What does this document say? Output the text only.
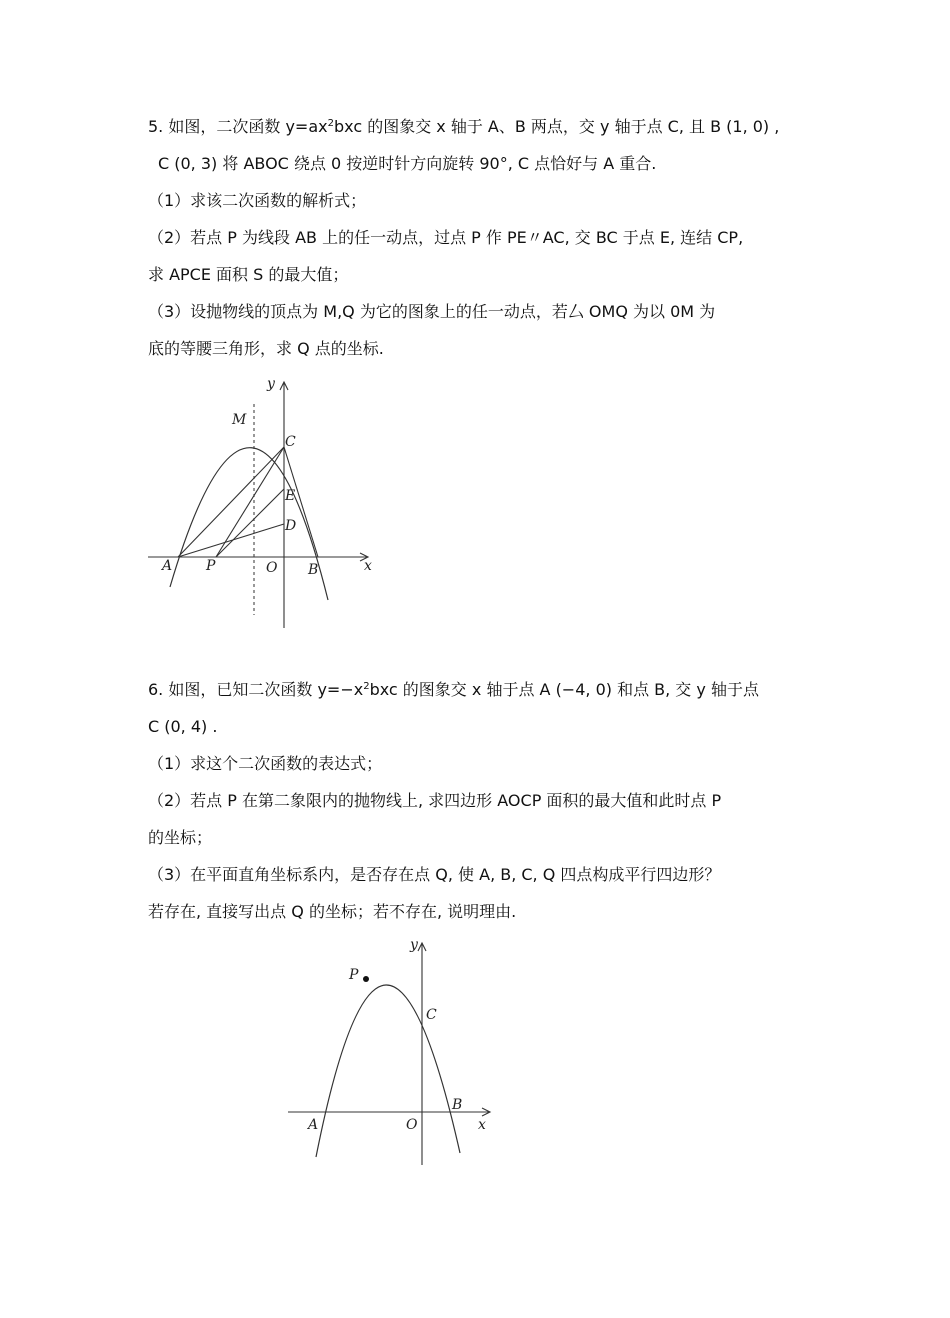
5. 如图，二次函数 $y=ax^2bxc$ 的图象交 x 轴于 A、B 两点，交 y 轴于点 C, 且 B (1, 0) ,
C (0, 3) 将 ABOC 绕点 0 按逆时针方向旋转 90°, C 点恰好与 A 重合.
（1）求该二次函数的解析式；
（2）若点 P 为线段 AB 上的任一动点，过点 P 作 PE〃AC, 交 BC 于点 E, 连结 CP,
求 APCE 面积 S 的最大值；
（3）设抛物线的顶点为 M,Q 为它的图象上的任一动点，若厶 OMQ 为以 0M 为
底的等腰三角形，求 Q 点的坐标.
y
M
C
E
D
A P	O B	x
6. 如图，已知二次函数 $y=-x^2bxc$ 的图象交 x 轴于点 A (−4, 0) 和点 B, 交 y 轴于点
C (0, 4) .
（1）求这个二次函数的表达式；
（2）若点 P 在第二象限内的抛物线上, 求四边形 AOCP 面积的最大值和此时点 P
的坐标；
（3）在平面直角坐标系内，是否存在点 Q, 使 A, B, C, Q 四点构成平行四边形？
若存在, 直接写出点 Q 的坐标；若不存在, 说明理由.
y
P
C
A	O
B
x
